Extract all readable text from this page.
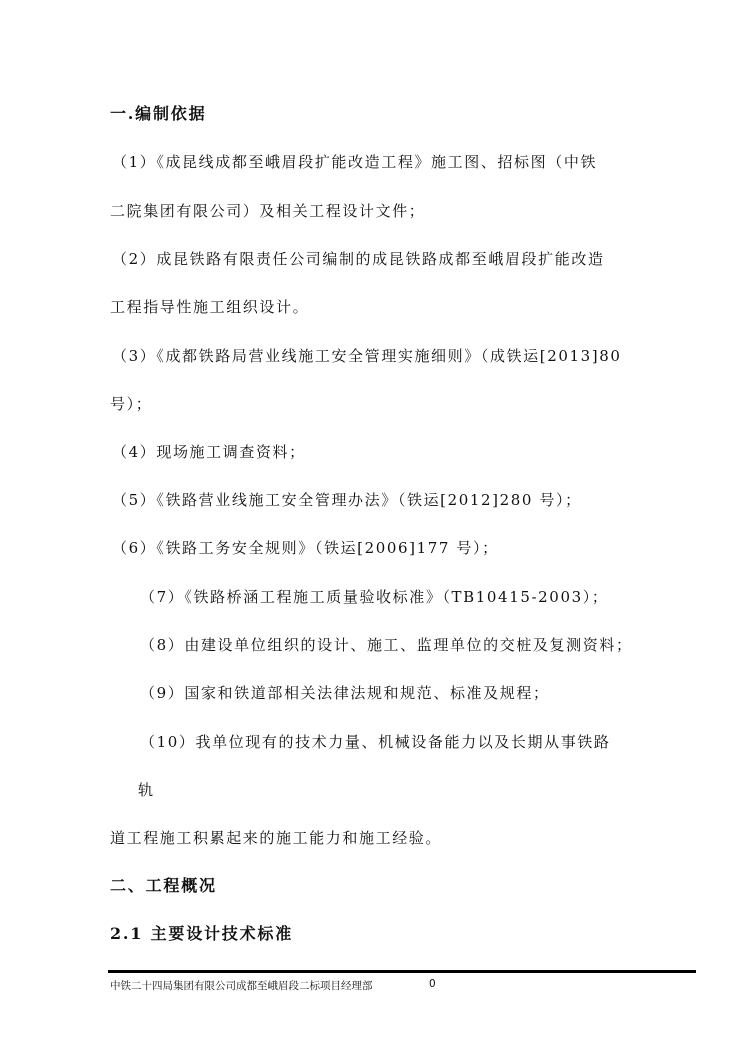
一.编制依据
（1）《成昆线成都至峨眉段扩能改造工程》施工图、招标图（中铁
二院集团有限公司）及相关工程设计文件；
（2）成昆铁路有限责任公司编制的成昆铁路成都至峨眉段扩能改造
工程指导性施工组织设计。
（3）《成都铁路局营业线施工安全管理实施细则》（成铁运[2013]80
号）；
（4）现场施工调查资料；
（5）《铁路营业线施工安全管理办法》（铁运[2012]280 号）；
（6）《铁路工务安全规则》（铁运[2006]177 号）；
（7）《铁路桥涵工程施工质量验收标准》（TB10415-2003）；
（8）由建设单位组织的设计、施工、监理单位的交桩及复测资料；
（9）国家和铁道部相关法律法规和规范、标准及规程；
（10）我单位现有的技术力量、机械设备能力以及长期从事铁路
轨
道工程施工积累起来的施工能力和施工经验。
二、工程概况
2.1 主要设计技术标准
中铁二十四局集团有限公司成都至峨眉段二标项目经理部	0
